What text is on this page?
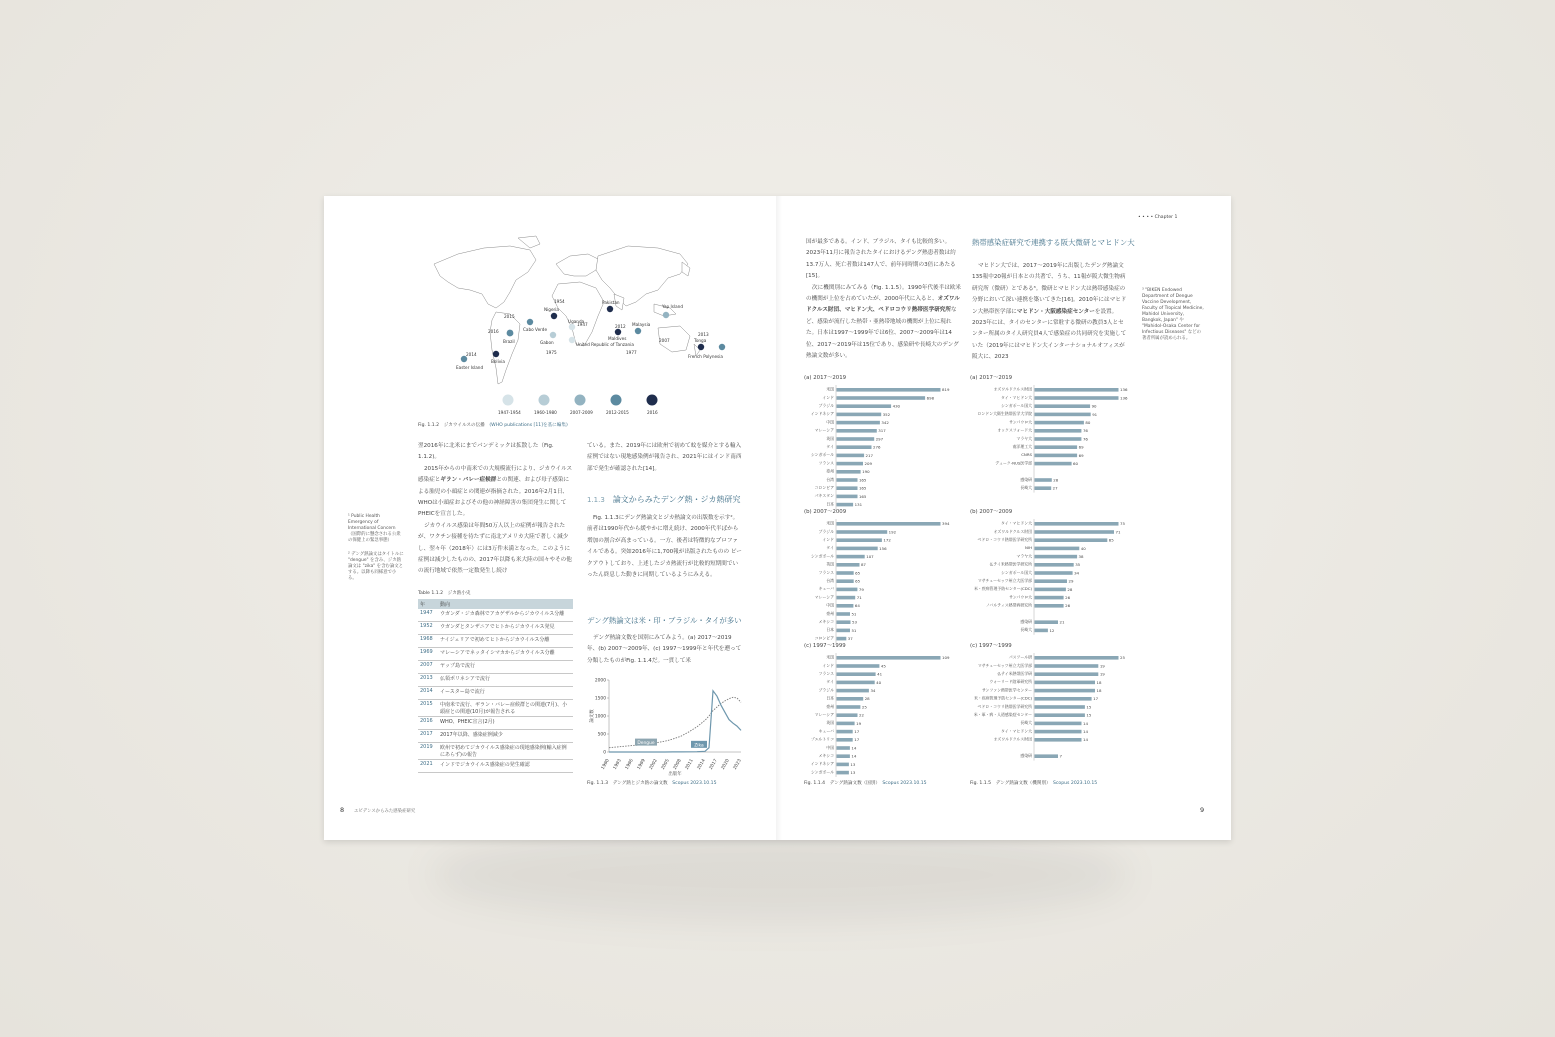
Easter Island
Bolivia
Brazil
Cabo Verde
Gabon
Nigeria
Uganda
United Republic of Tanzania
Pakistan
Maldives
Malaysia
Yap Island
Tonga
French Polynesia
1954
2016
2015
2014
1947
1975
2007
2012
1977
2013
1947-1954	1960-1980	2007-2009	2012-2015	2016
Fig. 1.1.2　ジカウイルスの伝播　 (WHO publications [11]を基に編集)
翌2016年に北米にまでパンデミックは拡散した（Fig. 1.1.2)。
2015年からの中南米での大規模流行により、ジカウイルス感染症とギラン・バレー症候群との関連、および母子感染による胎児の小頭症との関連が指摘された。2016年2月1日、WHOは小頭症およびその他の神経障害の集団発生に関してPHEICを宣言した。
ジカウイルス感染は年間50万人以上の症例が報告されたが、ワクチン接種を待たずに南北アメリカ大陸で著しく減少し、翌々年（2018年）には3万件未満となった。このように症例は減少したものの、2017年以降も米大陸の国々やその他の流行地域で依然一定数発生し続け
¹ Public Health Emergency of International Concern（国際的に懸念される公衆の保健上の緊急事態）
² デング熱論文はタイトルに "dengue" を含み、ジカ熱論文は "zika" を含む論文とする。以降も同様意で小る。
³ "BIKEN Endowed Department of Dengue Vaccine Development, Faculty of Tropical Medicine, Mahidol University, Bangkok, Japan" や "Mahidol-Osaka Center for Infectious Diseases" などの著者所属が読められる。
Table 1.1.2　ジカ熱小史
年	動向
1947	ウガンダ・ジカ森林でアカゲザルからジカウイルス分離
1952	ウガンダとタンザニアでヒトからジカウイルス発見
1968	ナイジェリアで初めてヒトからジカウイルス分離
1969	マレーシアでネッタイシマカからジカウイルス分離
2007	ヤップ島で流行
2013	仏領ポリネシアで流行
2014	イースター島で流行
2015	中南米で流行、ギラン・バレー症候群との関連(7月)、小頭症との関連(10月)が報告される
2016	WHO、PHEIC宣言(2月)
2017	2017年以降、感染症例減少
2019	欧州で初めてジカウイルス感染症の現地感染例(輸入症例にあらず)の報告
2021	インドでジカウイルス感染症の発生確認
ている。また、2019年には欧州で初めて蚊を媒介とする輸入症例ではない現地感染例が報告され、2021年にはインド南西部で発生が確認された[14]。
1.1.3　 論文からみたデング熱・ジカ熱研究
Fig. 1.1.3にデング熱論文とジカ熱論文の出版数を示す²。前者は1990年代から緩やかに増え続け、2000年代半ばから増加の割合が高まっている。一方、後者は特徴的なプロファイルである。突如2016年に1,700報が出版されたものの ピークアウトしており、上述したジカ熱流行が比較的短期間でいったん終息した動きに同期しているようにみえる。
デング熱論文は米・印・ブラジル・タイが多い
デング熱論文数を国別にみてみよう。(a) 2017〜2019年、(b) 2007〜2009年、(c) 1997〜1999年と年代を遡って分類したものがFig. 1.1.4だ。一貫して米
0
500
1000
1500
2000
1990 1993 1996 1999 2002 2005 2008 2011 2014 2017 2020 2023
論文数
出版年
Dengue	Zika
Fig. 1.1.3　デング熱とジカ熱の論文数　 Scopus 2023.10.15
国が最多である。インド、ブラジル、タイも比較的多い。2023年11月に報告されたタイにおけるデング熱患者数は約13.7万人、死亡者数は147人で、前年同時期の3倍にあたる[15]。
次に機関別にみてみる（Fig. 1.1.5）。1990年代後半は欧米の機関が上位を占めていたが、2000年代に入ると、オズワルドクルス財団、マヒドン大、ペドロコウリ熱帯医学研究所など、感染が流行した熱帯・亜熱帯地域の機関が上位に現れた。日本は1997〜1999年では6位、2007〜2009年は14位、2017〜2019年は15位であり、感染研や長崎大のデング熱論文数が多い。
(a) 2017〜2019
米国	819
インド	698
ブラジル	430
インドネシア	352
中国	342
マレーシア	317
英国	297
タイ	276
シンガポール	217
フランス	209
豪州	190
台湾	165
コロンビア	165
パキスタン	165
日本	131
(b) 2007〜2009
米国	394
ブラジル	192
インド	172
タイ	156
シンガポール	107
英国	87
フランス	65
台湾	65
キューバ	79
マレーシア	71
中国	64
豪州	51
メキシコ	53
日本	51
コロンビア	37
(c) 1997〜1999
米国	109
インド	45
フランス	41
タイ	40
ブラジル	34
日本	28
豪州	25
マレーシア	22
英国	19
キューバ	17
プエルトリコ	17
中国	14
メキシコ	14
インドネシア	13
シンガポール	13
Fig. 1.1.4　デング熱論文数（国別）　 Scopus 2023.10.15
• • • • Chapter 1
熱帯感染症研究で連携する阪大微研とマヒドン大
マヒドン大では、2017〜2019年に出版したデング熱論文135報中20報が日本との共著で、うち、11報が阪大微生物病研究所（微研）とである³。微研とマヒドン大は熱帯感染症の分野において深い連携を築いてきた[16]。2010年にはマヒドン大熱帯医学部にマヒドン・大阪感染症センターを設置。2023年には、タイのセンターに常駐する微研の教員3人とセンター所属のタイ人研究員4人で感染症の共同研究を実施していた（2019年にはマヒドン大インターナショナルオフィスが阪大に、2023
(a) 2017〜2019
オズワルドクルス財団	136
タイ・マヒドン大	136
シンガポール国大	90
ロンドン大衛生熱帯医学大学院	91
サンパウロ大	80
オックスフォード大	76
マラヤ大	76
南洋理工大	69
CNRS	69
デューク-NUS医学部	60
感染研	28
長崎大	27
(b) 2007〜2009
タイ・マヒドン大	75
オズワルドクルス財団	71
ペドロ・コウリ熱帯医学研究所	65
NIH	40
マラヤ大	38
仏テイ米熱帯医学研究所	35
シンガポール国大	34
マサチューセッツ州立大医学部	29
米・疾病管理予防センター(CDC)	28
サンパウロ大	26
ノバルティス熱帯病研究所	26
感染研	21
長崎大	12
(c) 1997〜1999
パスツール研	25
マサチューセッツ州立大医学部	19
仏テイ米熱帯医学研	19
ウォーリード陸軍研究所	18
サンファン熱帯医学センター	18
米・疾病管理予防センター(CDC)	17
ペドロ・コウリ熱帯医学研究所	15
米・軍・病・人道感染症センター	15
長崎大	14
タイ・マヒドン大	14
オズワルドクルス財団	14
感染研	7
Fig. 1.1.5　デング熱論文数（機関別）　 Scopus 2023.10.15
8 エビデンスからみた感染症研究	9
